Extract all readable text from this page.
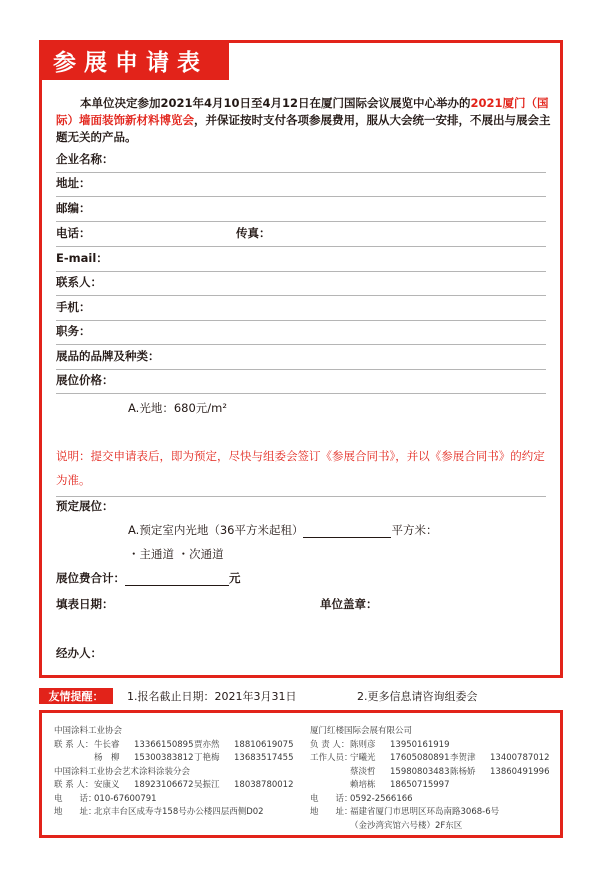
参展申请表
本单位决定参加2021年4月10日至4月12日在厦门国际会议展览中心举办的2021厦门（国际）墙面装饰新材料博览会，并保证按时支付各项参展费用，服从大会统一安排，不展出与展会主题无关的产品。
企业名称：
地址：
邮编：
电话：	传真：
E-mail：
联系人：
手机：
职务：
展品的品牌及种类：
展位价格：
A.光地：680元/m²
说明：提交申请表后，即为预定，尽快与组委会签订《参展合同书》，并以《参展合同书》的约定为准。
预定展位：
A.预定室内光地（36平方米起租）	平方米：
・主通道 ・次通道
展位费合计：	元
填表日期：	单位盖章：
经办人：
友情提醒：	1.报名截止日期：2021年3月31日	2.更多信息请咨询组委会
中国涂料工业协会
联 系 人： 牛长睿	13366150895 贾亦然	18810619075
杨　柳	15300383812 丁艳梅	13683517455
中国涂料工业协会艺术涂料涂装分会
联 系 人： 安康义	18923106672 吴振江	18038780012
电　　话：
010-67600791
地　　址：
北京丰台区成寿寺158号办公楼四层西侧D02
厦门红楼国际会展有限公司
负 责 人： 陈则彦	13950161919
工作人员：
宁曦光	17605080891 李贺津	13400787012
蔡淡哲	15980803483 陈杨娇	13860491996
赖培栋	18650715997
电　　话：
0592-2566166
地　　址：
福建省厦门市思明区环岛南路3068-6号
（金沙湾宾馆六号楼）2F东区
